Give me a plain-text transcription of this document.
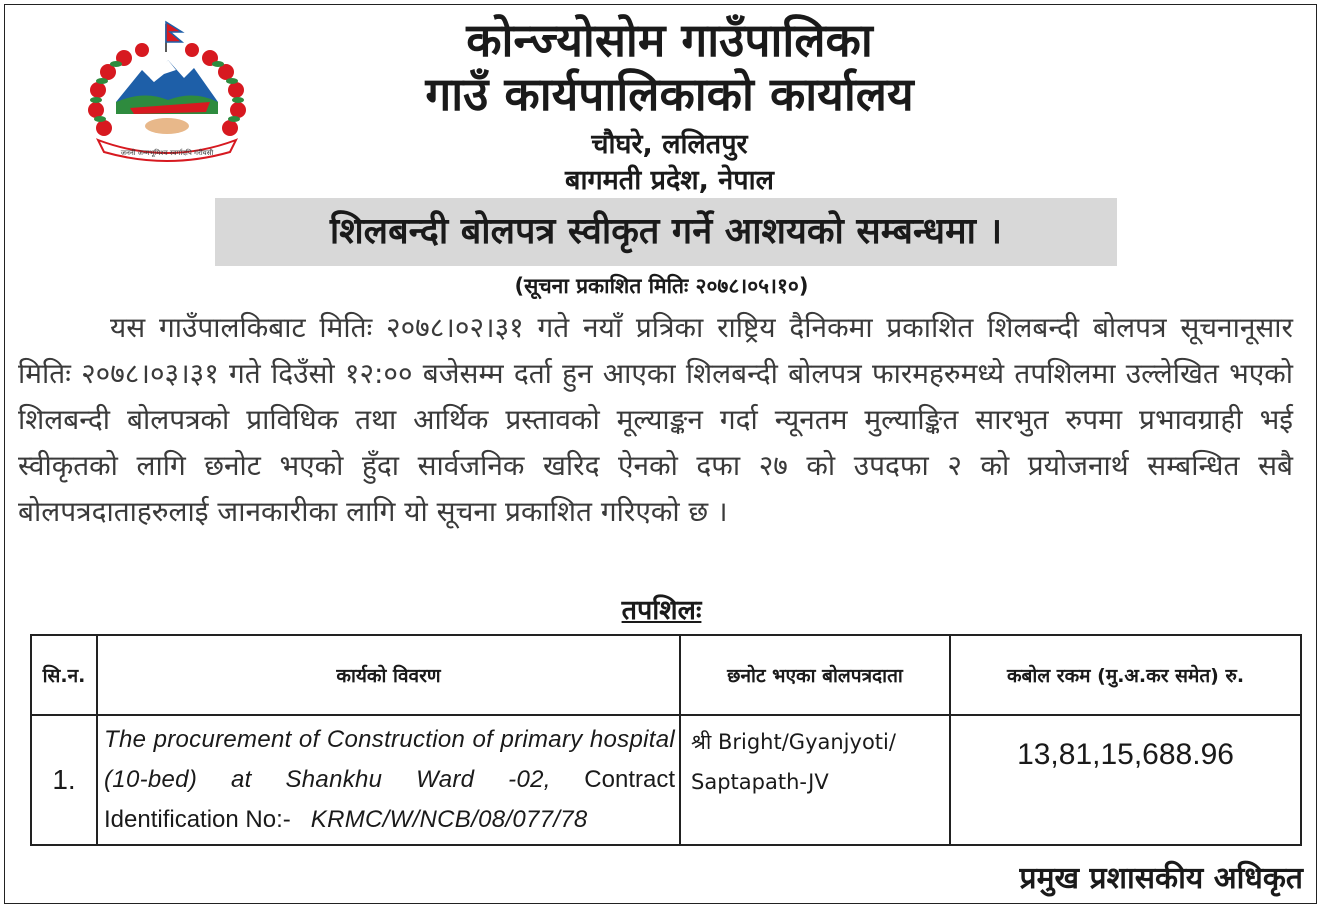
जननी जन्मभूमिश्च स्वर्गादपि गरीयसी
कोन्ज्योसोम गाउँपालिका
गाउँ कार्यपालिकाको कार्यालय
चौघरे, ललितपुर
बागमती प्रदेश, नेपाल
शिलबन्दी बोलपत्र स्वीकृत गर्ने आशयको सम्बन्धमा ।
(सूचना प्रकाशित मितिः २०७८।०५।१०)
यस गाउँपालकिबाट मितिः २०७८।०२।३१ गते नयाँ प्रत्रिका राष्ट्रिय दैनिकमा प्रकाशित शिलबन्दी बोलपत्र सूचनानूसार मितिः २०७८।०३।३१ गते दिउँसो १२:०० बजेसम्म दर्ता हुन आएका शिलबन्दी बोलपत्र फारमहरुमध्ये तपशिलमा उल्लेखित भएको शिलबन्दी बोलपत्रको प्राविधिक तथा आर्थिक प्रस्तावको मूल्याङ्कन गर्दा न्यूनतम मुल्याङ्कित सारभुत रुपमा प्रभावग्राही भई स्वीकृतको लागि छनोट भएको हुँदा सार्वजनिक खरिद ऐनको दफा २७ को उपदफा २ को प्रयोजनार्थ सम्बन्धित सबै बोलपत्रदाताहरुलाई जानकारीका लागि यो सूचना प्रकाशित गरिएको छ ।
तपशिलः
सि.न.	कार्यको विवरण	छनोट भएका बोलपत्रदाता	कबोल रकम (मु.अ.कर समेत) रु.
1.	The procurement of Construction of primary hospital (10-bed) at Shankhu Ward -02, Contract Identification No:-   KRMC/W/NCB/08/077/78	श्री Bright/Gyanjyoti/ Saptapath-JV	13,81,15,688.96
प्रमुख प्रशासकीय अधिकृत
